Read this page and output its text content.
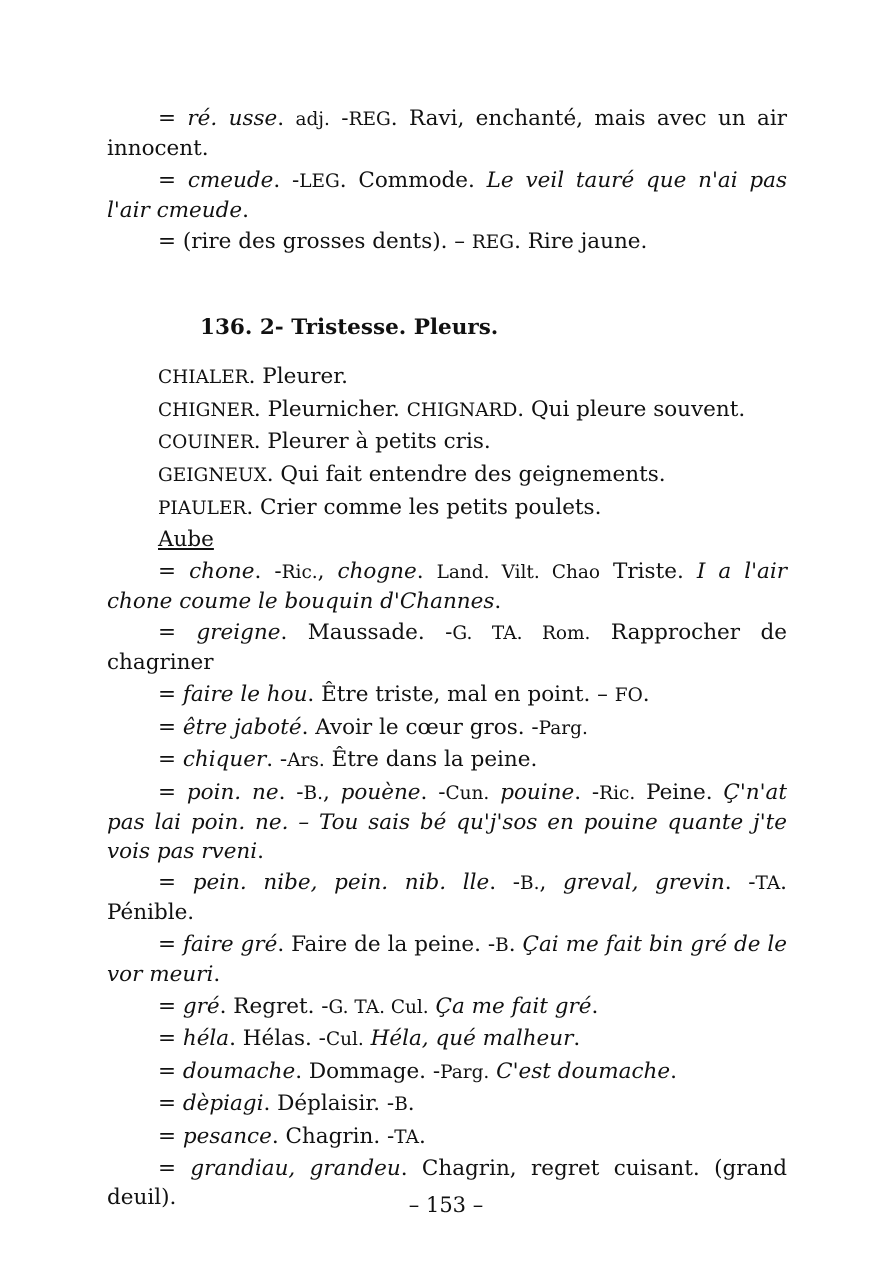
= ré. usse. adj. -REG. Ravi, enchanté, mais avec un air innocent.

= cmeude. -LEG. Commode. Le veil tauré que n'ai pas l'air cmeude.

= (rire des grosses dents). – REG. Rire jaune.

136. 2- Tristesse. Pleurs.

CHIALER. Pleurer.

CHIGNER. Pleurnicher. CHIGNARD. Qui pleure souvent.

COUINER. Pleurer à petits cris.

GEIGNEUX. Qui fait entendre des geignements.

PIAULER. Crier comme les petits poulets.

Aube

= chone. -Ric., chogne. Land. Vilt. Chao Triste. I a l'air chone coume le bouquin d'Channes.

= greigne. Maussade. -G. TA. Rom. Rapprocher de chagriner

= faire le hou. Être triste, mal en point. – FO.

= être jaboté. Avoir le cœur gros. -Parg.

= chiquer. -Ars. Être dans la peine.

= poin. ne. -B., pouène. -Cun. pouine. -Ric. Peine. Ç'n'at pas lai poin. ne. – Tou sais bé qu'j'sos en pouine quante j'te vois pas rveni.

= pein. nibe, pein. nib. lle. -B., greval, grevin. -TA. Pénible.

= faire gré. Faire de la peine. -B. Çai me fait bin gré de le vor meuri.

= gré. Regret. -G. TA. Cul. Ça me fait gré.

= héla. Hélas. -Cul. Héla, qué malheur.

= doumache. Dommage. -Parg. C'est doumache.

= dèpiagi. Déplaisir. -B.

= pesance. Chagrin. -TA.

= grandiau, grandeu. Chagrin, regret cuisant. (grand deuil).	– 153 –
